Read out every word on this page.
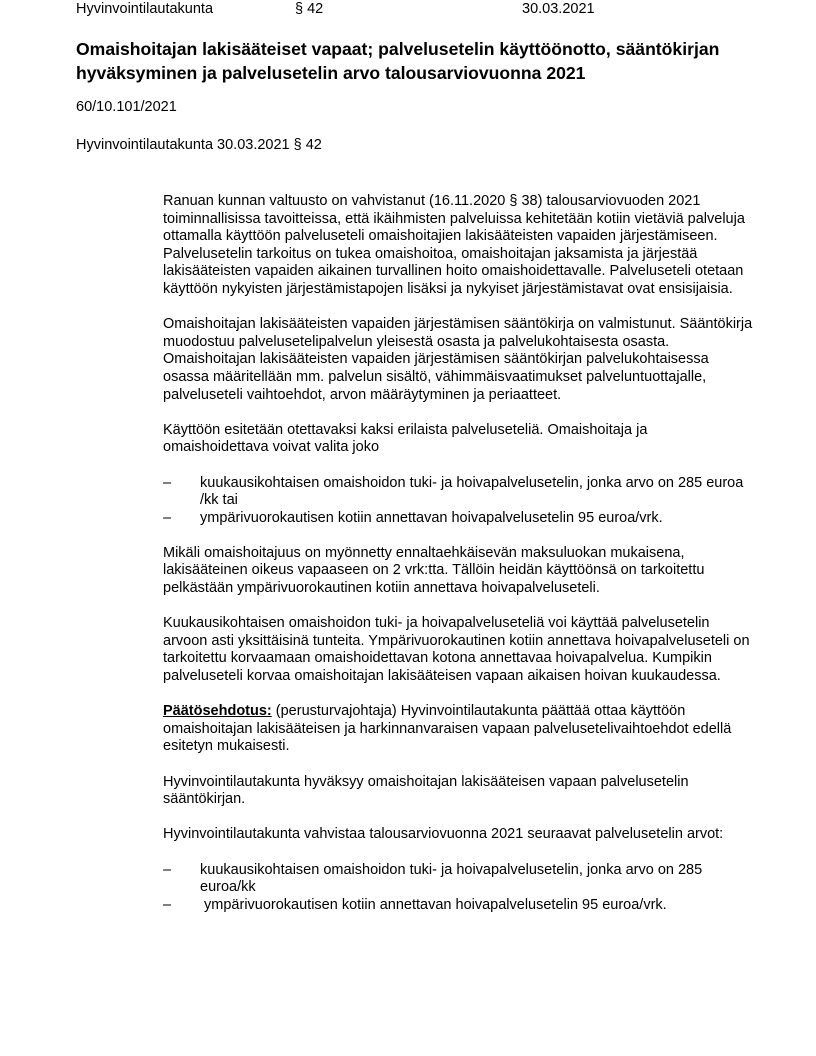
Hyvinvointilautakunta	§ 42	30.03.2021
Omaishoitajan lakisääteiset vapaat; palvelusetelin käyttöönotto, sääntökirjan hyväksyminen ja palvelusetelin arvo talousarviovuonna 2021
60/10.101/2021
Hyvinvointilautakunta 30.03.2021 § 42

Ranuan kunnan valtuusto on vahvistanut (16.11.2020 § 38) talousarviovuoden 2021 toiminnallisissa tavoitteissa, että ikäihmisten palveluissa kehitetään kotiin vietäviä palveluja ottamalla käyttöön palveluseteli omaishoitajien lakisääteisten vapaiden järjestämiseen. Palvelusetelin tarkoitus on tukea omaishoitoa, omaishoitajan jaksamista ja järjestää lakisääteisten vapaiden aikainen turvallinen hoito omaishoidettavalle. Palveluseteli otetaan käyttöön nykyisten järjestämistapojen lisäksi ja nykyiset järjestämistavat ovat ensisijaisia.

Omaishoitajan lakisääteisten vapaiden järjestämisen sääntökirja on valmistunut. Sääntökirja muodostuu palvelusetelipalvelun yleisestä osasta ja palvelukohtaisesta osasta. Omaishoitajan lakisääteisten vapaiden järjestämisen sääntökirjan palvelukohtaisessa osassa määritellään mm. palvelun sisältö, vähimmäisvaatimukset palveluntuottajalle, palveluseteli vaihtoehdot, arvon määräytyminen ja periaatteet.

Käyttöön esitetään otettavaksi kaksi erilaista palveluseteliä. Omaishoitaja ja omaishoidettava voivat valita joko

– kuukausikohtaisen omaishoidon tuki- ja hoivapalvelusetelin, jonka arvo on 285 euroa /kk tai
– ympärivuorokautisen kotiin annettavan hoivapalvelusetelin 95 euroa/vrk.

Mikäli omaishoitajuus on myönnetty ennaltaehkäisevän maksuluokan mukaisena, lakisääteinen oikeus vapaaseen on 2 vrk:tta. Tällöin heidän käyttöönsä on tarkoitettu pelkästään ympärivuorokautinen kotiin annettava hoivapalveluseteli.

Kuukausikohtaisen omaishoidon tuki- ja hoivapalveluseteliä voi käyttää palvelusetelin arvoon asti yksittäisinä tunteita. Ympärivuorokautinen kotiin annettava hoivapalveluseteli on tarkoitettu korvaamaan omaishoidettavan kotona annettavaa hoivapalvelua. Kumpikin palveluseteli korvaa omaishoitajan lakisääteisen vapaan aikaisen hoivan kuukaudessa.

Päätösehdotus: (perusturvajohtaja) Hyvinvointilautakunta päättää ottaa käyttöön omaishoitajan lakisääteisen ja harkinnanvaraisen vapaan palvelusetelivaihtoehdot edellä esitetyn mukaisesti.

Hyvinvointilautakunta hyväksyy omaishoitajan lakisääteisen vapaan palvelusetelin sääntökirjan.

Hyvinvointilautakunta vahvistaa talousarviovuonna 2021 seuraavat palvelusetelin arvot:

– kuukausikohtaisen omaishoidon tuki- ja hoivapalvelusetelin, jonka arvo on 285 euroa/kk
– ympärivuorokautisen kotiin annettavan hoivapalvelusetelin 95 euroa/vrk.
